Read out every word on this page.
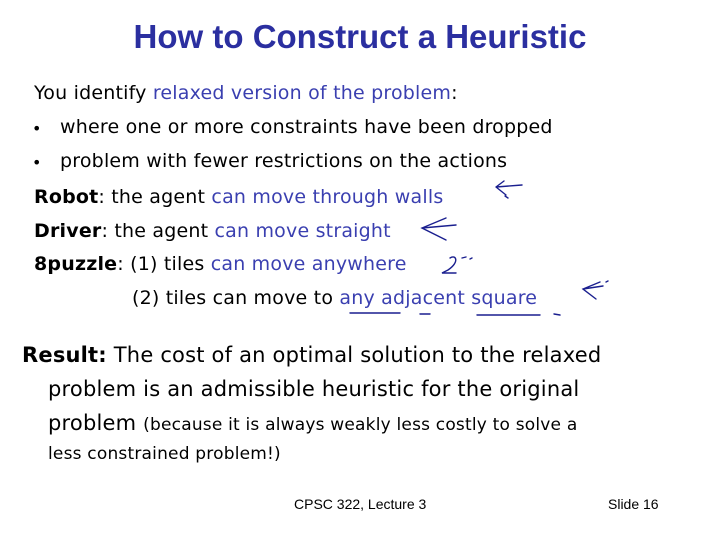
How to Construct a Heuristic
You identify relaxed version of the problem:
• where one or more constraints have been dropped
• problem with fewer restrictions on the actions
Robot: the agent can move through walls
Driver: the agent can move straight
8puzzle: (1) tiles can move anywhere
(2) tiles can move to any adjacent square
Result: The cost of an optimal solution to the relaxed
problem is an admissible heuristic for the original
problem (because it is always weakly less costly to solve a
less constrained problem!)
CPSC 322, Lecture 3	Slide 16
